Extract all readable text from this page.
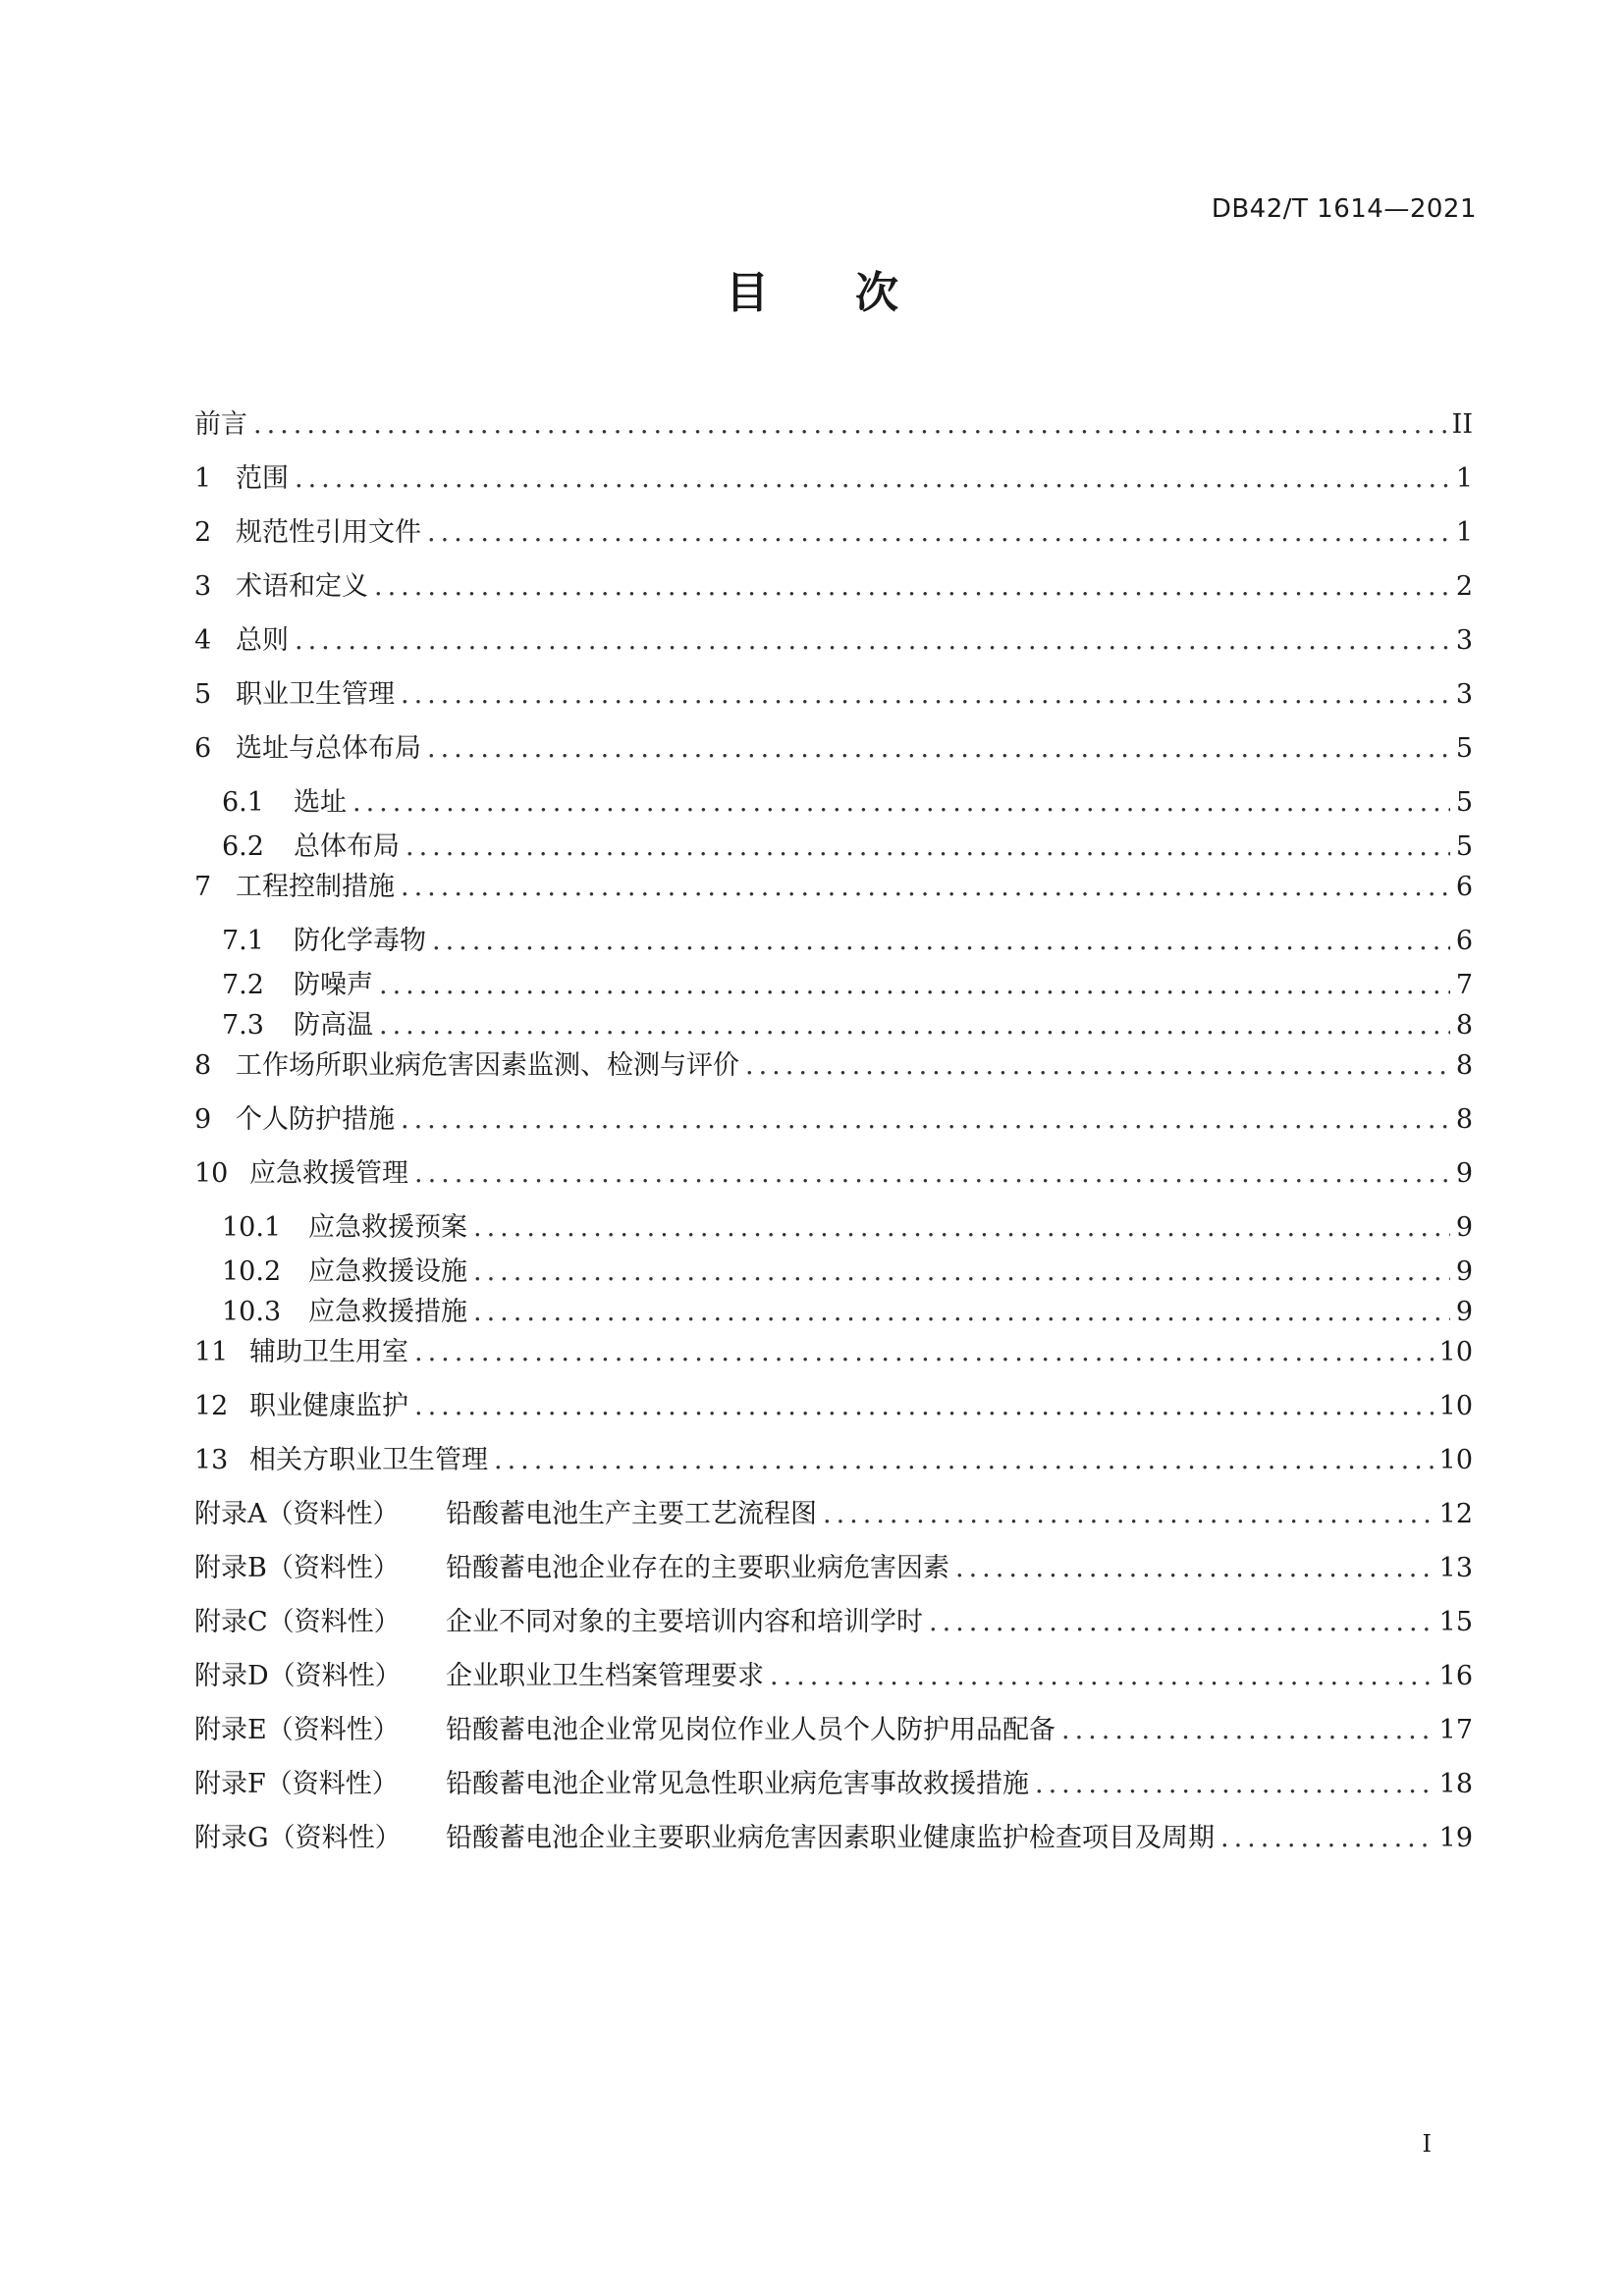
DB42/T 1614—2021
目次
前言 .....	II
1 范围 .....	1
2 规范性引用文件 .....	1
3 术语和定义 .....	2
4 总则 .....	3
5 职业卫生管理 .....	3
6 选址与总体布局 .....	5
6.1	选址 .....	5
6.2	总体布局 .....	5
7 工程控制措施 .....	6
7.1	防化学毒物 .....	6
7.2	防噪声 .....	7
7.3	防高温 .....	8
8 工作场所职业病危害因素监测、检测与评价 .....	8
9 个人防护措施 .....	8
10 应急救援管理 .....	9
10.1	应急救援预案 .....	9
10.2	应急救援设施 .....	9
10.3	应急救援措施 .....	9
11 辅助卫生用室 .....	10
12 职业健康监护 .....	10
13 相关方职业卫生管理 .....	10
附录A（资料性）	铅酸蓄电池生产主要工艺流程图 .....	12
附录B（资料性）	铅酸蓄电池企业存在的主要职业病危害因素 .....	13
附录C（资料性）	企业不同对象的主要培训内容和培训学时 .....	15
附录D（资料性）	企业职业卫生档案管理要求 .....	16
附录E（资料性）	铅酸蓄电池企业常见岗位作业人员个人防护用品配备 .....	17
附录F（资料性）	铅酸蓄电池企业常见急性职业病危害事故救援措施 .....	18
附录G（资料性）	铅酸蓄电池企业主要职业病危害因素职业健康监护检查项目及周期 .....	19
I
